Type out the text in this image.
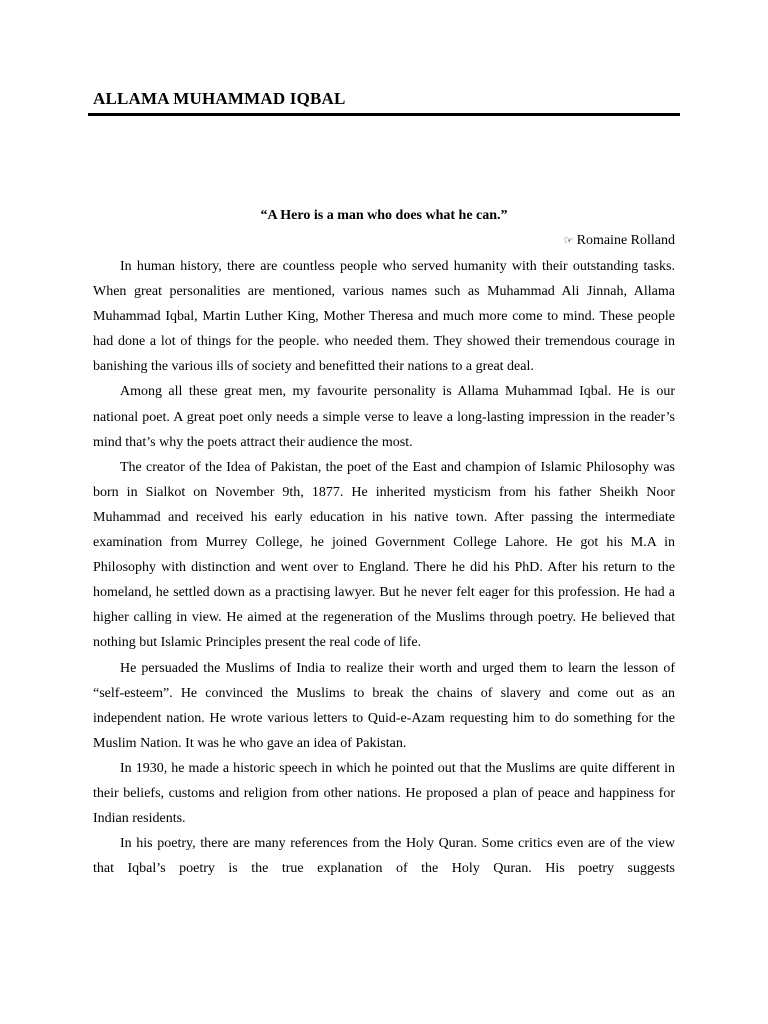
ALLAMA MUHAMMAD IQBAL
“A Hero is a man who does what he can.”
☞ Romaine Rolland

In human history, there are countless people who served humanity with their outstanding tasks. When great personalities are mentioned, various names such as Muhammad Ali Jinnah, Allama Muhammad Iqbal, Martin Luther King, Mother Theresa and much more come to mind. These people had done a lot of things for the people. who needed them. They showed their tremendous courage in banishing the various ills of society and benefitted their nations to a great deal.

Among all these great men, my favourite personality is Allama Muhammad Iqbal. He is our national poet. A great poet only needs a simple verse to leave a long-lasting impression in the reader’s mind that’s why the poets attract their audience the most.

The creator of the Idea of Pakistan, the poet of the East and champion of Islamic Philosophy was born in Sialkot on November 9th, 1877. He inherited mysticism from his father Sheikh Noor Muhammad and received his early education in his native town. After passing the intermediate examination from Murrey College, he joined Government College Lahore. He got his M.A in Philosophy with distinction and went over to England. There he did his PhD. After his return to the homeland, he settled down as a practising lawyer. But he never felt eager for this profession. He had a higher calling in view. He aimed at the regeneration of the Muslims through poetry. He believed that nothing but Islamic Principles present the real code of life.

He persuaded the Muslims of India to realize their worth and urged them to learn the lesson of “self-esteem”. He convinced the Muslims to break the chains of slavery and come out as an independent nation. He wrote various letters to Quid-e-Azam requesting him to do something for the Muslim Nation. It was he who gave an idea of Pakistan.

In 1930, he made a historic speech in which he pointed out that the Muslims are quite different in their beliefs, customs and religion from other nations. He proposed a plan of peace and happiness for Indian residents.

In his poetry, there are many references from the Holy Quran. Some critics even are of the view that Iqbal’s poetry is the true explanation of the Holy Quran. His poetry suggests
